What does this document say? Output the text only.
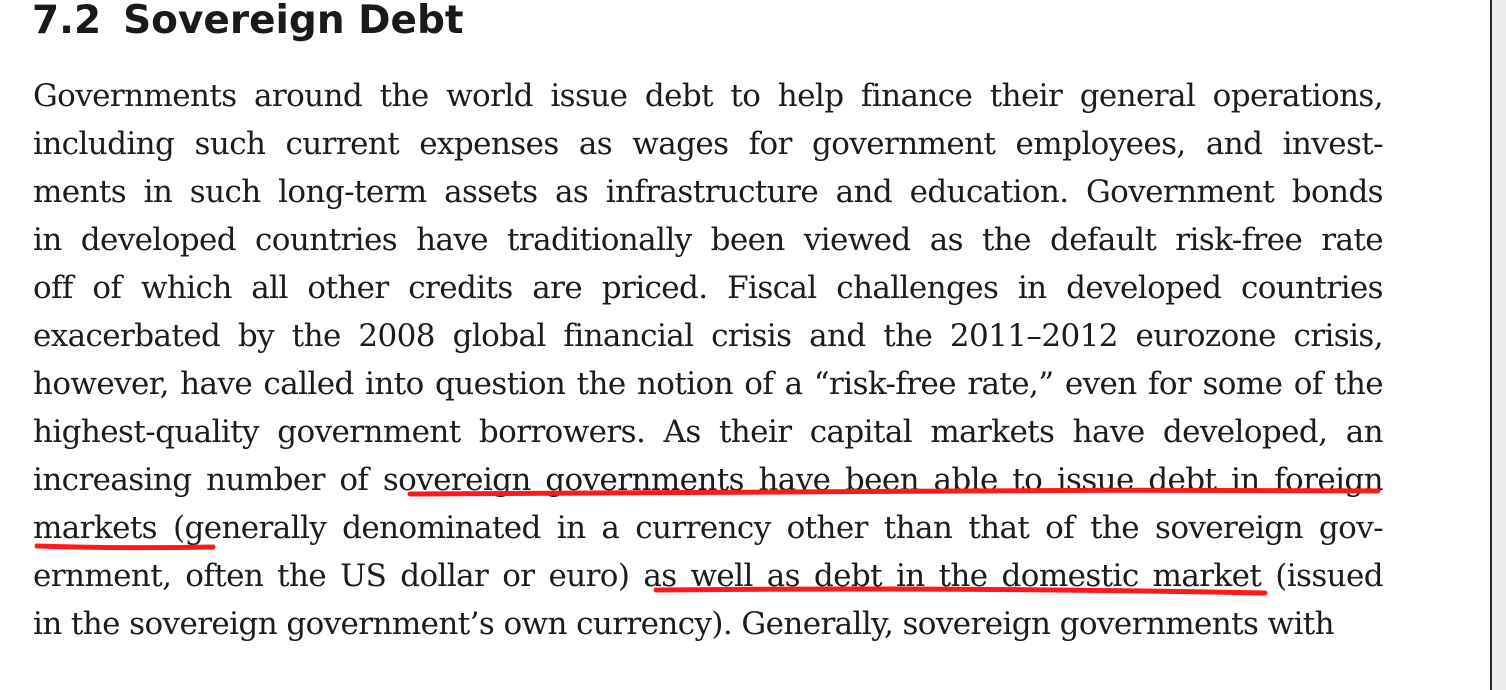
7.2 Sovereign Debt
Governments around the world issue debt to help finance their general operations,
including such current expenses as wages for government employees, and invest-
ments in such long-term assets as infrastructure and education. Government bonds
in developed countries have traditionally been viewed as the default risk-free rate
off of which all other credits are priced. Fiscal challenges in developed countries
exacerbated by the 2008 global financial crisis and the 2011–2012 eurozone crisis,
however, have called into question the notion of a “risk-free rate,” even for some of the
highest-quality government borrowers. As their capital markets have developed, an
increasing number of sovereign governments have been able to issue debt in foreign
markets (generally denominated in a currency other than that of the sovereign gov-
ernment, often the US dollar or euro) as well as debt in the domestic market (issued
in the sovereign government’s own currency). Generally, sovereign governments with
